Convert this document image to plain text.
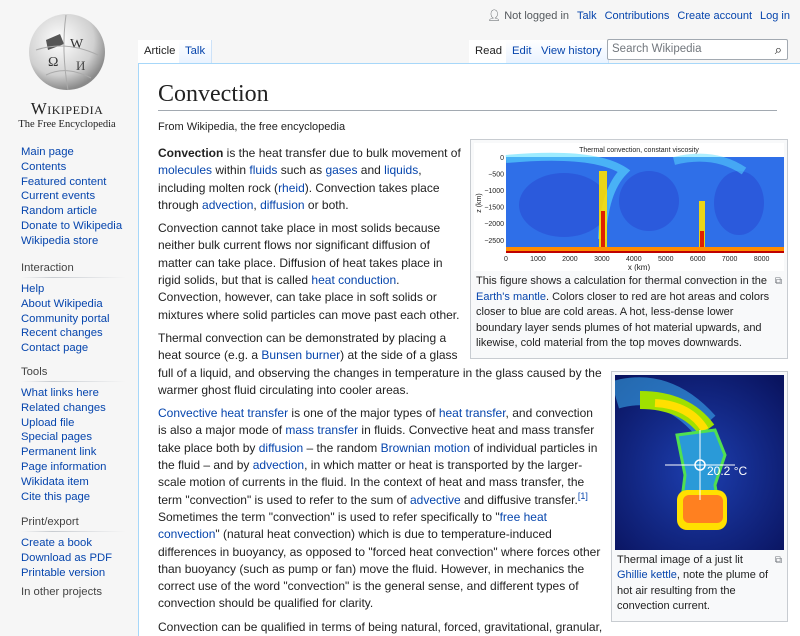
Ω
W
И
Wikipedia
The Free Encyclopedia
Main page
Contents
Featured content
Current events
Random article
Donate to Wikipedia
Wikipedia store
Interaction
Help
About Wikipedia
Community portal
Recent changes
Contact page
Tools
What links here
Related changes
Upload file
Special pages
Permanent link
Page information
Wikidata item
Cite this page
Print/export
Create a book
Download as PDF
Printable version
In other projects
👤︎ Not logged in Talk Contributions Create account Log in
Article Talk	Read Edit View history Search Wikipedia	⌕
Convection
From Wikipedia, the free encyclopedia
Thermal convection, constant viscosity
0	1000 2000 3000 4000 5000 6000 7000 8000
0
−500
−1000
−1500
−2000
−2500
x (km)
z (km)
⧉
This figure shows a calculation for thermal convection in the Earth's mantle. Colors closer to red are hot areas and colors closer to blue are cold areas. A hot, less-dense lower boundary layer sends plumes of hot material upwards, and likewise, cold material from the top moves downwards.

Convection is the heat transfer due to bulk movement of molecules within fluids such as gases and liquids, including molten rock (rheid). Convection takes place through advection, diffusion or both.

Convection cannot take place in most solids because neither bulk current flows nor significant diffusion of matter can take place. Diffusion of heat takes place in rigid solids, but that is called heat conduction. Convection, however, can take place in soft solids or mixtures where solid particles can move past each other.

20.2 °C
⧉
Thermal image of a just lit Ghillie kettle, note the plume of hot air resulting from the convection current.

Thermal convection can be demonstrated by placing a heat source (e.g. a Bunsen burner) at the side of a glass full of a liquid, and observing the changes in temperature in the glass caused by the warmer ghost fluid circulating into cooler areas.

Convective heat transfer is one of the major types of heat transfer, and convection is also a major mode of mass transfer in fluids. Convective heat and mass transfer take place both by diffusion – the random Brownian motion of individual particles in the fluid – and by advection, in which matter or heat is transported by the larger-scale motion of currents in the fluid. In the context of heat and mass transfer, the term "convection" is used to refer to the sum of advective and diffusive transfer.[1] Sometimes the term "convection" is used to refer specifically to "free heat convection" (natural heat convection) which is due to temperature-induced differences in buoyancy, as opposed to "forced heat convection" where forces other than buoyancy (such as pump or fan) move the fluid. However, in mechanics the correct use of the word "convection" is the general sense, and different types of convection should be qualified for clarity.

Convection can be qualified in terms of being natural, forced, gravitational, granular,
